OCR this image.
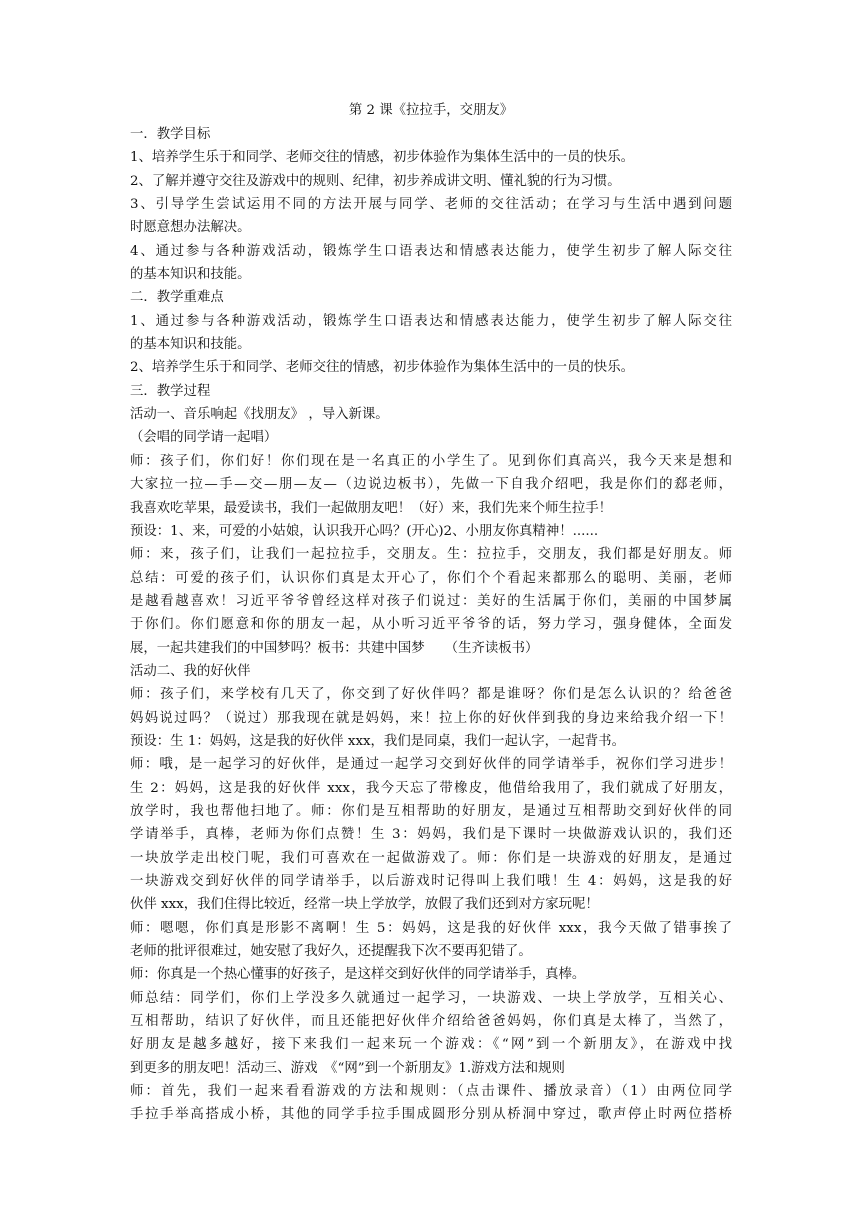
第 2 课《拉拉手，交朋友》
一．教学目标
1、培养学生乐于和同学、老师交往的情感，初步体验作为集体生活中的一员的快乐。
2、了解并遵守交往及游戏中的规则、纪律，初步养成讲文明、懂礼貌的行为习惯。
3、引导学生尝试运用不同的方法开展与同学、老师的交往活动；在学习与生活中遇到问题
时愿意想办法解决。
4、通过参与各种游戏活动，锻炼学生口语表达和情感表达能力，使学生初步了解人际交往
的基本知识和技能。
二．教学重难点
1、通过参与各种游戏活动，锻炼学生口语表达和情感表达能力，使学生初步了解人际交往
的基本知识和技能。
2、培养学生乐于和同学、老师交往的情感，初步体验作为集体生活中的一员的快乐。
三．教学过程
活动一、音乐响起《找朋友》 ，导入新课。
（会唱的同学请一起唱）
师：孩子们，你们好！你们现在是一名真正的小学生了。见到你们真高兴，我今天来是想和
大家拉一拉—手—交—朋—友—（边说边板书），先做一下自我介绍吧，我是你们的郄老师，
我喜欢吃苹果，最爱读书，我们一起做朋友吧！（好）来，我们先来个师生拉手！
预设：1、来，可爱的小姑娘，认识我开心吗？(开心)2、小朋友你真精神！......
师：来，孩子们，让我们一起拉拉手，交朋友。生：拉拉手，交朋友，我们都是好朋友。师
总结：可爱的孩子们，认识你们真是太开心了，你们个个看起来都那么的聪明、美丽，老师
是越看越喜欢！习近平爷爷曾经这样对孩子们说过：美好的生活属于你们，美丽的中国梦属
于你们。你们愿意和你的朋友一起，从小听习近平爷爷的话，努力学习，强身健体，全面发
展，一起共建我们的中国梦吗？板书：共建中国梦　　（生齐读板书）
活动二、我的好伙伴
师：孩子们，来学校有几天了，你交到了好伙伴吗？都是谁呀？你们是怎么认识的？给爸爸
妈妈说过吗？（说过）那我现在就是妈妈，来！拉上你的好伙伴到我的身边来给我介绍一下！
预设：生 1：妈妈，这是我的好伙伴 xxx，我们是同桌，我们一起认字，一起背书。
师：哦，是一起学习的好伙伴，是通过一起学习交到好伙伴的同学请举手，祝你们学习进步！
生 2：妈妈，这是我的好伙伴 xxx，我今天忘了带橡皮，他借给我用了，我们就成了好朋友，
放学时，我也帮他扫地了。师：你们是互相帮助的好朋友，是通过互相帮助交到好伙伴的同
学请举手，真棒，老师为你们点赞！生 3：妈妈，我们是下课时一块做游戏认识的，我们还
一块放学走出校门呢，我们可喜欢在一起做游戏了。师：你们是一块游戏的好朋友，是通过
一块游戏交到好伙伴的同学请举手，以后游戏时记得叫上我们哦！生 4：妈妈，这是我的好
伙伴 xxx，我们住得比较近，经常一块上学放学，放假了我们还到对方家玩呢！
师：嗯嗯，你们真是形影不离啊！生 5：妈妈，这是我的好伙伴 xxx，我今天做了错事挨了
老师的批评很难过，她安慰了我好久，还提醒我下次不要再犯错了。
师：你真是一个热心懂事的好孩子，是这样交到好伙伴的同学请举手，真棒。
师总结：同学们，你们上学没多久就通过一起学习，一块游戏、一块上学放学，互相关心、
互相帮助，结识了好伙伴，而且还能把好伙伴介绍给爸爸妈妈，你们真是太棒了，当然了，
好朋友是越多越好，接下来我们一起来玩一个游戏：《“网”到一个新朋友》，在游戏中找
到更多的朋友吧！活动三、游戏　《“网”到一个新朋友》1.游戏方法和规则
师：首先，我们一起来看看游戏的方法和规则：（点击课件、播放录音）（1）由两位同学
手拉手举高搭成小桥，其他的同学手拉手围成圆形分别从桥洞中穿过，歌声停止时两位搭桥
